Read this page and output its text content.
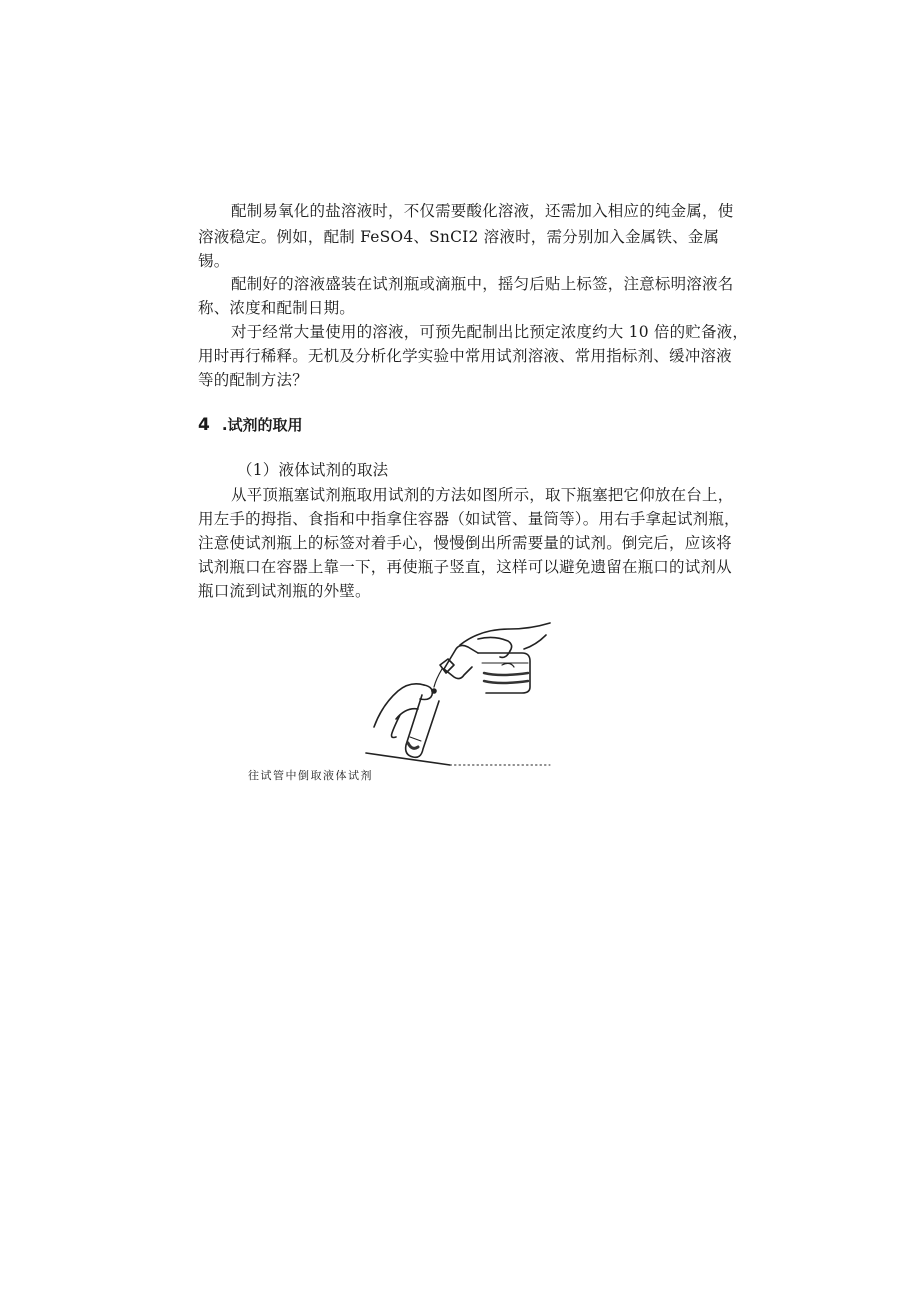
配制易氧化的盐溶液时，不仅需要酸化溶液，还需加入相应的纯金属，使
溶液稳定。例如，配制 FeSO4、SnCI2 溶液时，需分别加入金属铁、金属
锡。
配制好的溶液盛装在试剂瓶或滴瓶中，摇匀后贴上标签，注意标明溶液名
称、浓度和配制日期。
对于经常大量使用的溶液，可预先配制出比预定浓度约大 10 倍的贮备液，
用时再行稀释。无机及分析化学实验中常用试剂溶液、常用指标剂、缓冲溶液
等的配制方法？
4 .试剂的取用
（1）液体试剂的取法
从平顶瓶塞试剂瓶取用试剂的方法如图所示，取下瓶塞把它仰放在台上，
用左手的拇指、食指和中指拿住容器（如试管、量筒等）。用右手拿起试剂瓶，
注意使试剂瓶上的标签对着手心，慢慢倒出所需要量的试剂。倒完后，应该将
试剂瓶口在容器上靠一下，再使瓶子竖直，这样可以避免遗留在瓶口的试剂从
瓶口流到试剂瓶的外壁。
往试管中倒取液体试剂
